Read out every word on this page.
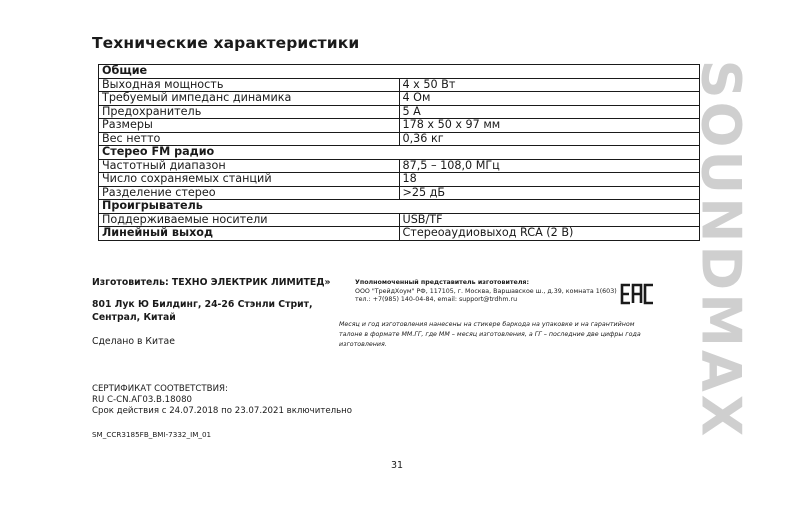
Технические характеристики
Общие	
Выходная мощность	4 x 50 Вт
Требуемый импеданс динамика	4 Ом
Предохранитель	5 А
Размеры	178 x 50 x 97 мм
Вес нетто	0,36 кг
Стерео FM радио	
Частотный диапазон	87,5 – 108,0 МГц
Число сохраняемых станций	18
Разделение стерео	>25 дБ
Проигрыватель	
Поддерживаемые носители	USB/TF
Линейный выход	Стереоаудиовыход RCA (2 В) SOUNDMAX
Изготовитель: ТЕХНО ЭЛЕКТРИК ЛИМИТЕД»
801 Лук Ю Билдинг, 24-26 Стэнли Стрит,
Сентрал, Китай
Сделано в Китае
СЕРТИФИКАТ СООТВЕТСТВИЯ:
RU C-CN.АГ03.В.18080
Срок действия с 24.07.2018 по 23.07.2021 включительно
SM_CCR3185FB_BMI-7332_IM_01
Уполномоченный представитель изготовителя:
ООО "ТрейдХоум" РФ, 117105, г. Москва, Варшавское ш., д.39, комната 1(603)
тел.: +7(985) 140-04-84, email: support@trdhm.ru
Месяц и год изготовления нанесены на стикере баркода на упаковке и на гарантийном
талоне в формате ММ.ГГ, где ММ – месяц изготовления, а ГГ – последние две цифры года
изготовления.
31
